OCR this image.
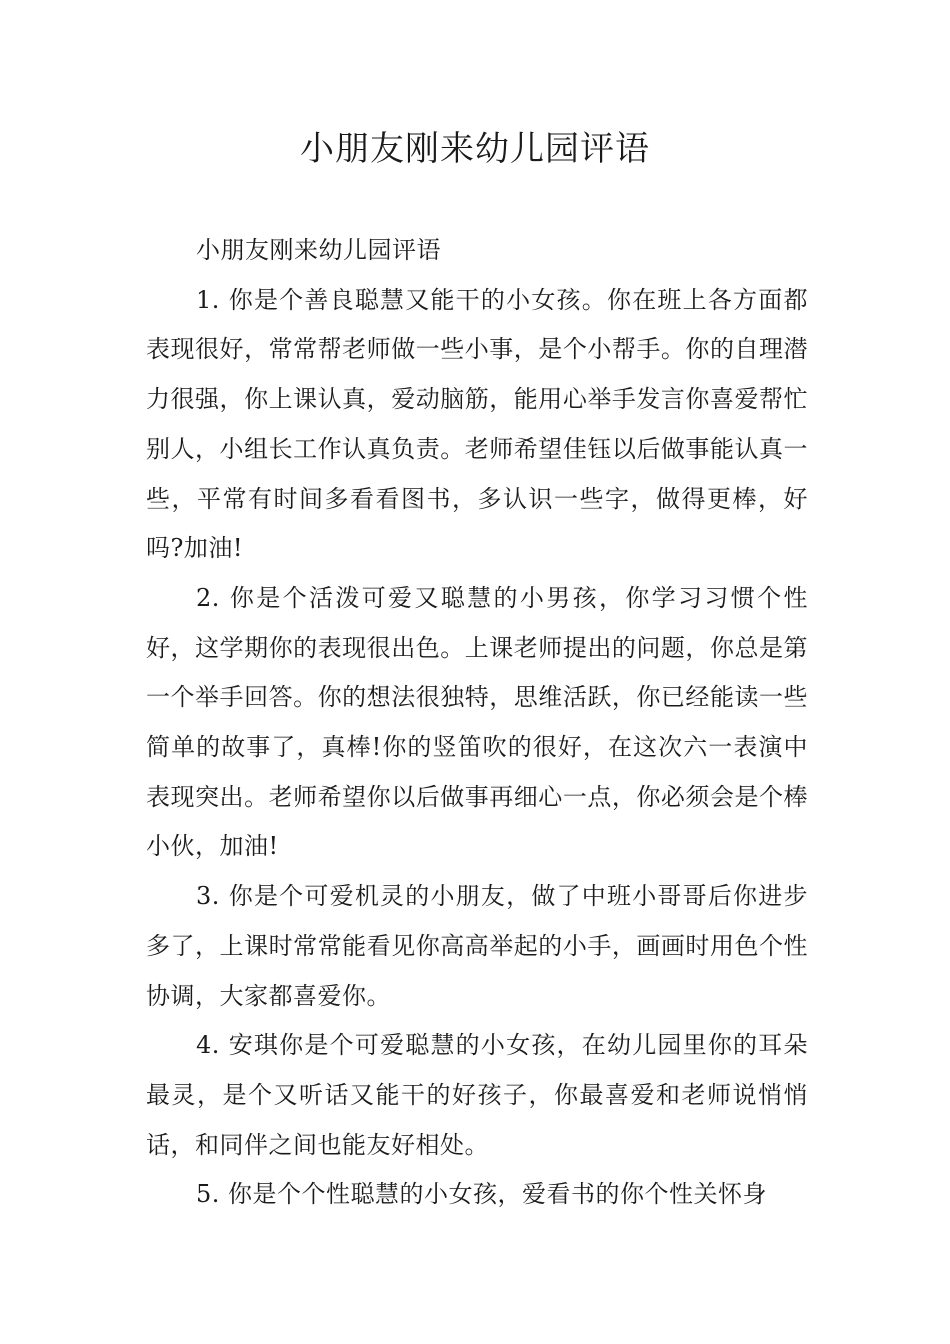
小朋友刚来幼儿园评语

小朋友刚来幼儿园评语

1. 你是个善良聪慧又能干的小女孩。你在班上各方面都表现很好，常常帮老师做一些小事，是个小帮手。你的自理潜力很强，你上课认真，爱动脑筋，能用心举手发言你喜爱帮忙别人，小组长工作认真负责。老师希望佳钰以后做事能认真一些，平常有时间多看看图书，多认识一些字，做得更棒，好吗?加油!

2. 你是个活泼可爱又聪慧的小男孩，你学习习惯个性好，这学期你的表现很出色。上课老师提出的问题，你总是第一个举手回答。你的想法很独特，思维活跃，你已经能读一些简单的故事了，真棒!你的竖笛吹的很好，在这次六一表演中表现突出。老师希望你以后做事再细心一点，你必须会是个棒小伙，加油!

3. 你是个可爱机灵的小朋友，做了中班小哥哥后你进步多了，上课时常常能看见你高高举起的小手，画画时用色个性协调，大家都喜爱你。

4. 安琪你是个可爱聪慧的小女孩，在幼儿园里你的耳朵最灵，是个又听话又能干的好孩子，你最喜爱和老师说悄悄话，和同伴之间也能友好相处。

5. 你是个个性聪慧的小女孩，爱看书的你个性关怀身
